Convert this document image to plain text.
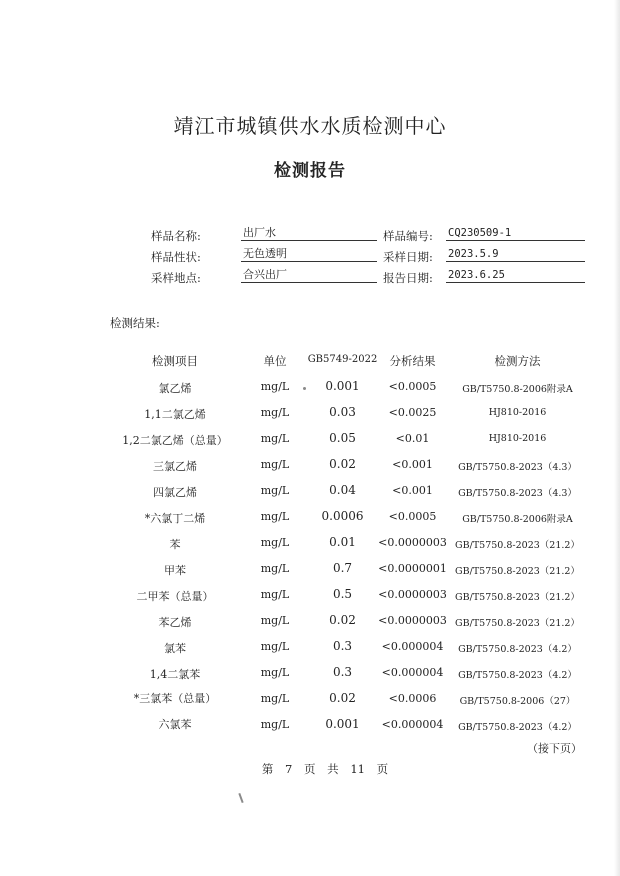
靖江市城镇供水水质检测中心
检测报告
样品名称:	出厂水	样品编号: CQ230509-1
样品性状:	无色透明	采样日期: 2023.5.9
采样地点:	合兴出厂	报告日期: 2023.6.25
检测结果:
检测项目	单位	GB5749-2022	分析结果	检测方法
氯乙烯	mg/L	0.001	<0.0005	GB/T5750.8-2006附录A
1,1二氯乙烯	mg/L	0.03	<0.0025	HJ810-2016
1,2二氯乙烯（总量）	mg/L	0.05	<0.01	HJ810-2016
三氯乙烯	mg/L	0.02	<0.001	GB/T5750.8-2023（4.3）
四氯乙烯	mg/L	0.04	<0.001	GB/T5750.8-2023（4.3）
*六氯丁二烯	mg/L	0.0006	<0.0005	GB/T5750.8-2006附录A
苯	mg/L	0.01	<0.0000003 GB/T5750.8-2023（21.2）
甲苯	mg/L	0.7	<0.0000001 GB/T5750.8-2023（21.2）
二甲苯（总量）	mg/L	0.5	<0.0000003 GB/T5750.8-2023（21.2）
苯乙烯	mg/L	0.02	<0.0000003 GB/T5750.8-2023（21.2）
氯苯	mg/L	0.3	<0.000004	GB/T5750.8-2023（4.2）
1,4二氯苯	mg/L	0.3	<0.000004	GB/T5750.8-2023（4.2）
*三氯苯（总量）	mg/L	0.02	<0.0006	GB/T5750.8-2006（27）
六氯苯	mg/L	0.001	<0.000004	GB/T5750.8-2023（4.2）
（接下页）
第 7 页 共 11 页
